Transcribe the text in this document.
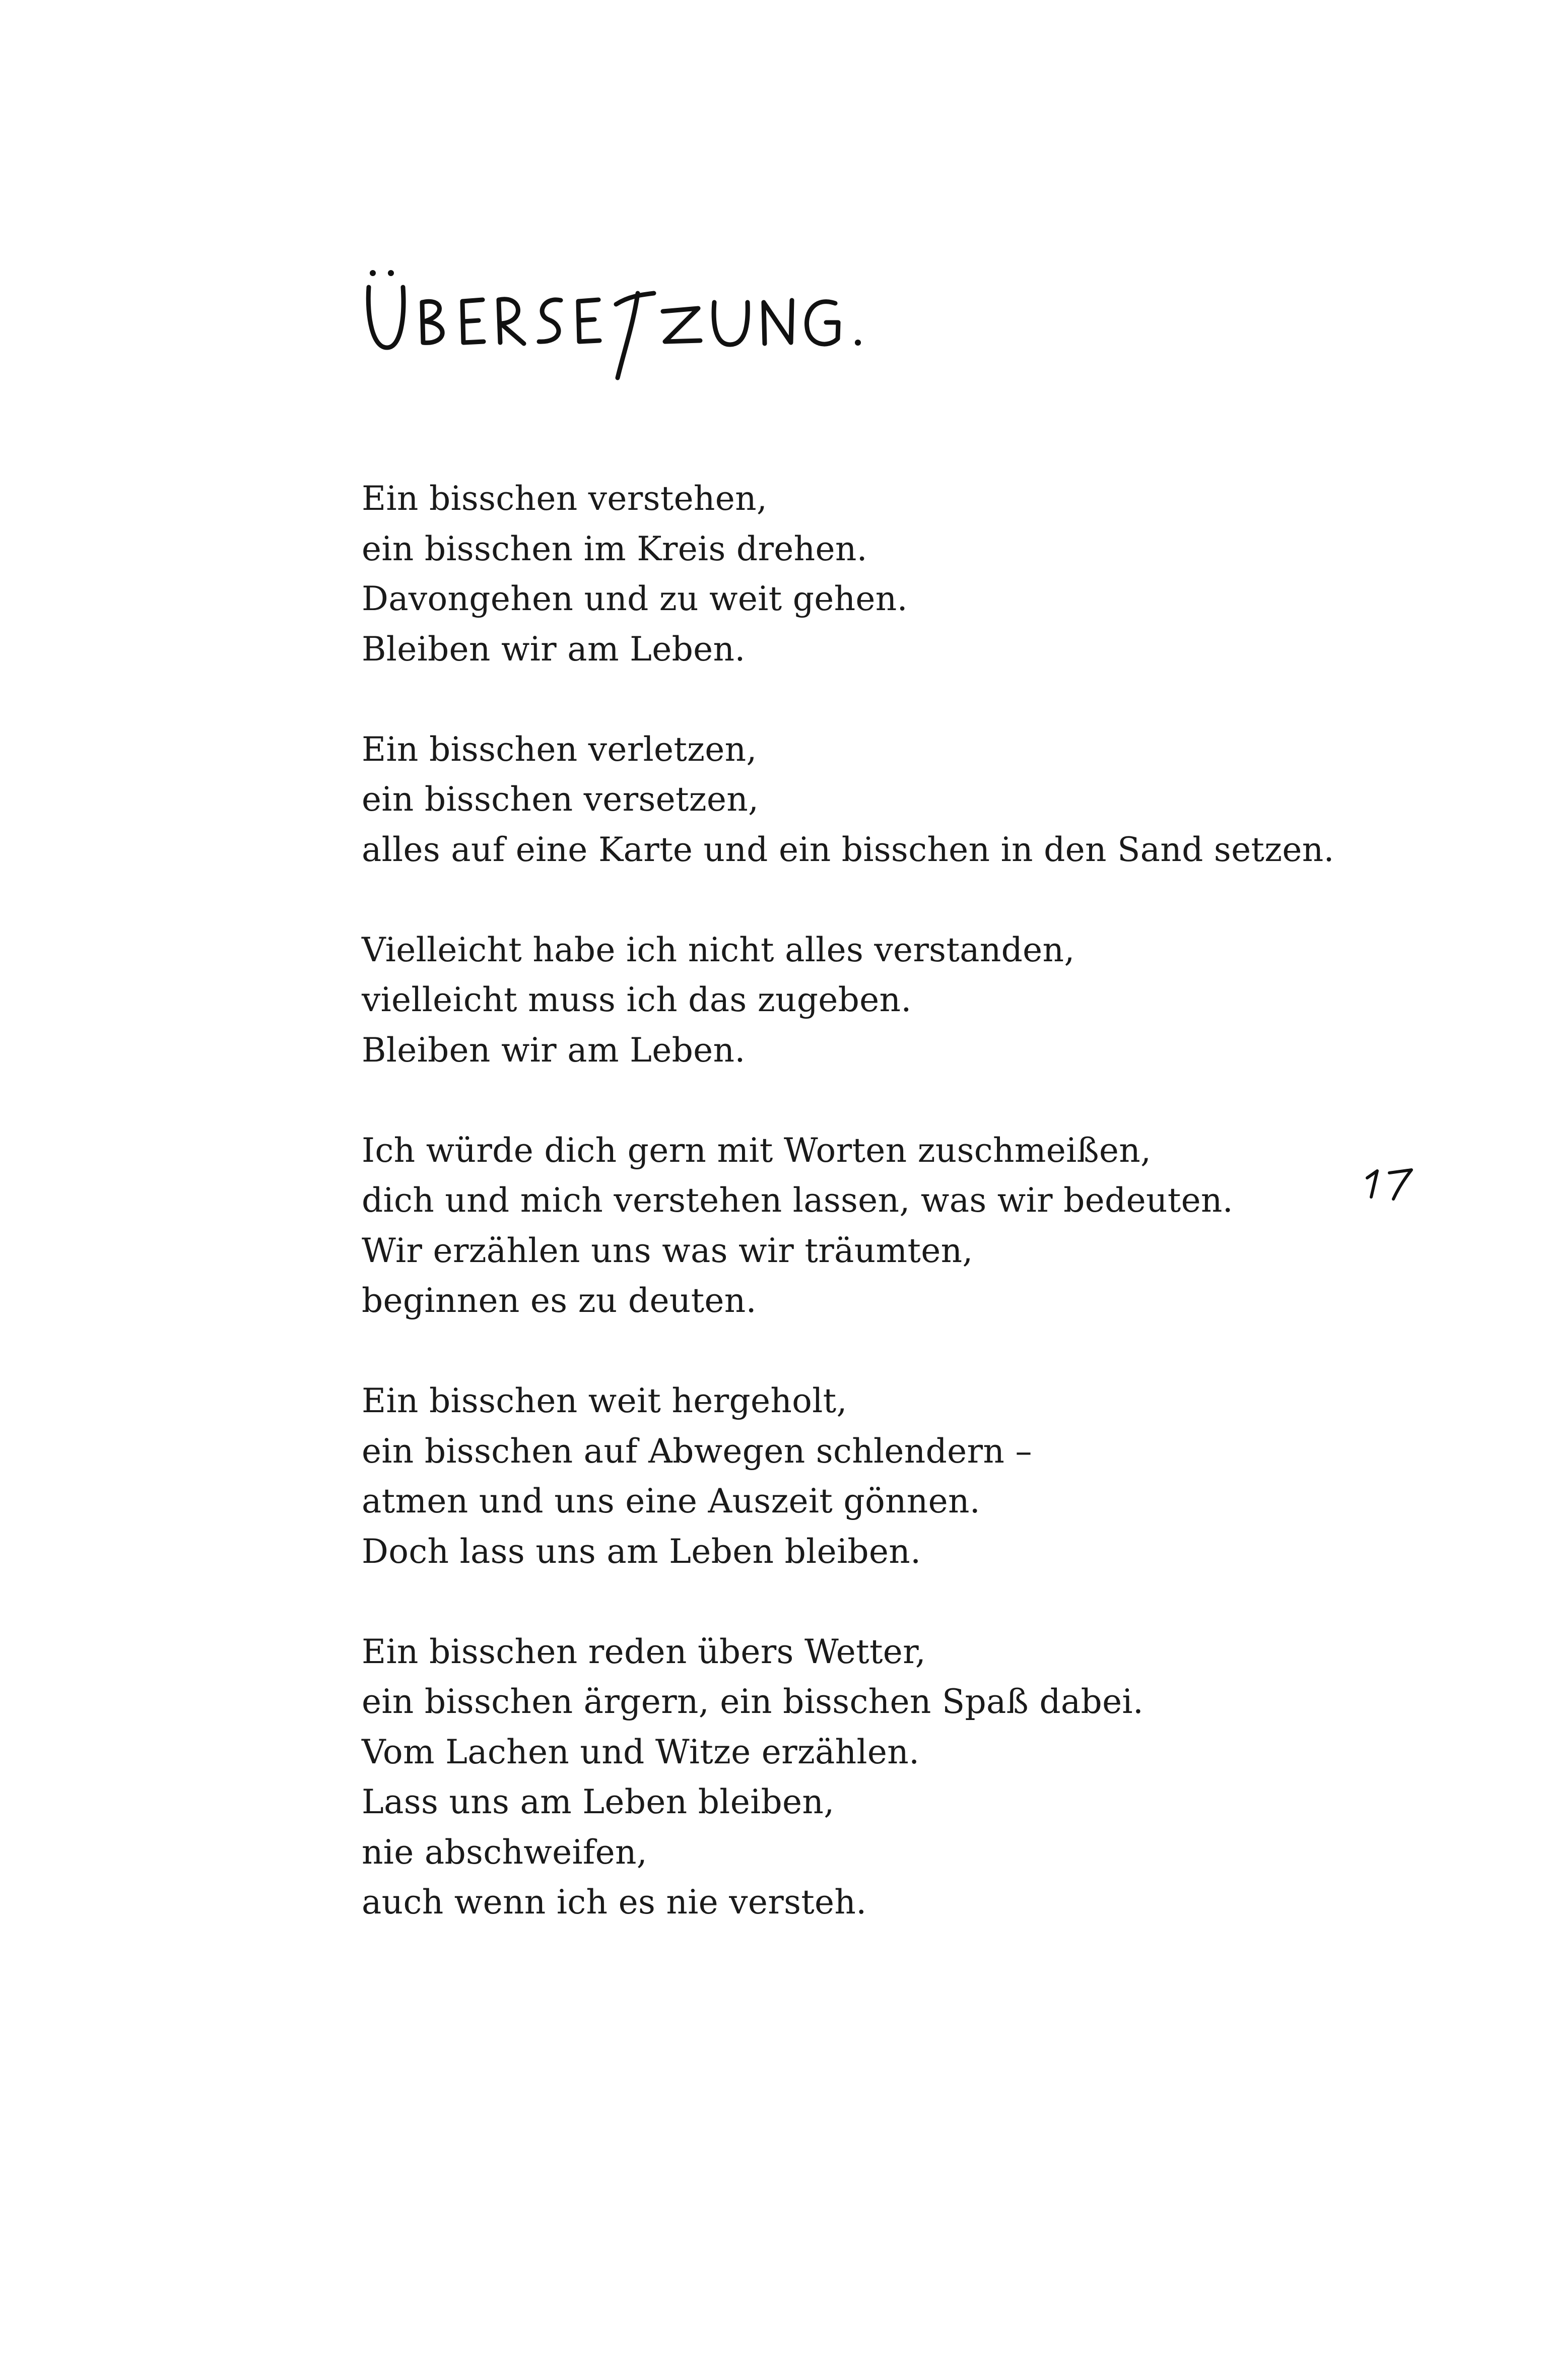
Ein bisschen verstehen,
ein bisschen im Kreis drehen.
Davongehen und zu weit gehen.
Bleiben wir am Leben.
Ein bisschen verletzen,
ein bisschen versetzen,
alles auf eine Karte und ein bisschen in den Sand setzen.
Vielleicht habe ich nicht alles verstanden,
vielleicht muss ich das zugeben.
Bleiben wir am Leben.
Ich würde dich gern mit Worten zuschmeißen,
dich und mich verstehen lassen, was wir bedeuten.
Wir erzählen uns was wir träumten,
beginnen es zu deuten.
Ein bisschen weit hergeholt,
ein bisschen auf Abwegen schlendern –
atmen und uns eine Auszeit gönnen.
Doch lass uns am Leben bleiben.
Ein bisschen reden übers Wetter,
ein bisschen ärgern, ein bisschen Spaß dabei.
Vom Lachen und Witze erzählen.
Lass uns am Leben bleiben,
nie abschweifen,
auch wenn ich es nie versteh.
